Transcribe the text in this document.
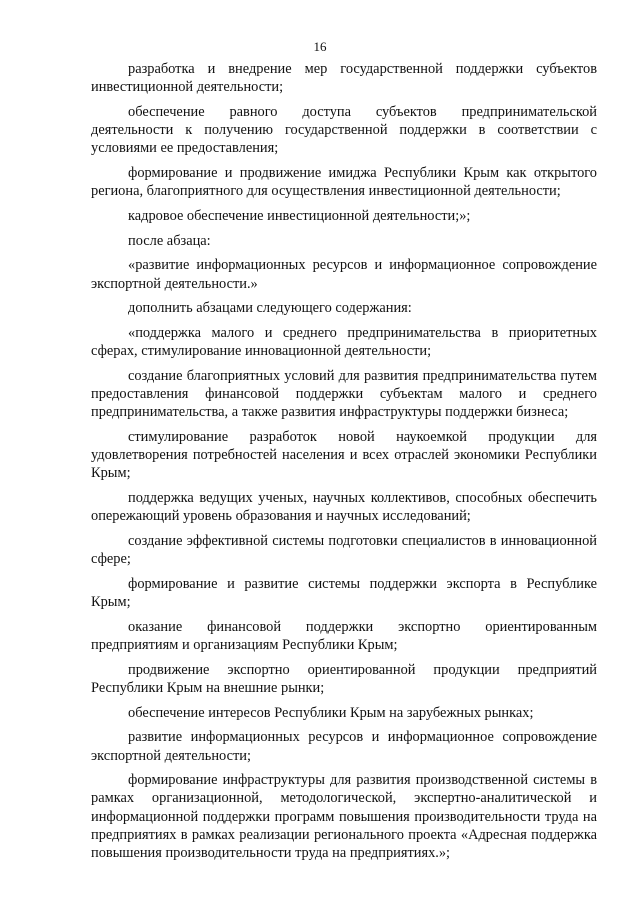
16

разработка и внедрение мер государственной поддержки субъектов инвестиционной деятельности;

обеспечение равного доступа субъектов предпринимательской деятельности к получению государственной поддержки в соответствии с условиями ее предоставления;

формирование и продвижение имиджа Республики Крым как открытого региона, благоприятного для осуществления инвестиционной деятельности;

кадровое обеспечение инвестиционной деятельности;»;

после абзаца:

«развитие информационных ресурсов и информационное сопровождение экспортной деятельности.»

дополнить абзацами следующего содержания:

«поддержка малого и среднего предпринимательства в приоритетных сферах, стимулирование инновационной деятельности;

создание благоприятных условий для развития предпринимательства путем предоставления финансовой поддержки субъектам малого и среднего предпринимательства, а также развития инфраструктуры поддержки бизнеса;

стимулирование разработок новой наукоемкой продукции для удовлетворения потребностей населения и всех отраслей экономики Республики Крым;

поддержка ведущих ученых, научных коллективов, способных обеспечить опережающий уровень образования и научных исследований;

создание эффективной системы подготовки специалистов в инновационной сфере;

формирование и развитие системы поддержки экспорта в Республике Крым;

оказание финансовой поддержки экспортно ориентированным предприятиям и организациям Республики Крым;

продвижение экспортно ориентированной продукции предприятий Республики Крым на внешние рынки;

обеспечение интересов Республики Крым на зарубежных рынках;

развитие информационных ресурсов и информационное сопровождение экспортной деятельности;

формирование инфраструктуры для развития производственной системы в рамках организационной, методологической, экспертно-аналитической и информационной поддержки программ повышения производительности труда на предприятиях в рамках реализации регионального проекта «Адресная поддержка повышения производительности труда на предприятиях.»;
